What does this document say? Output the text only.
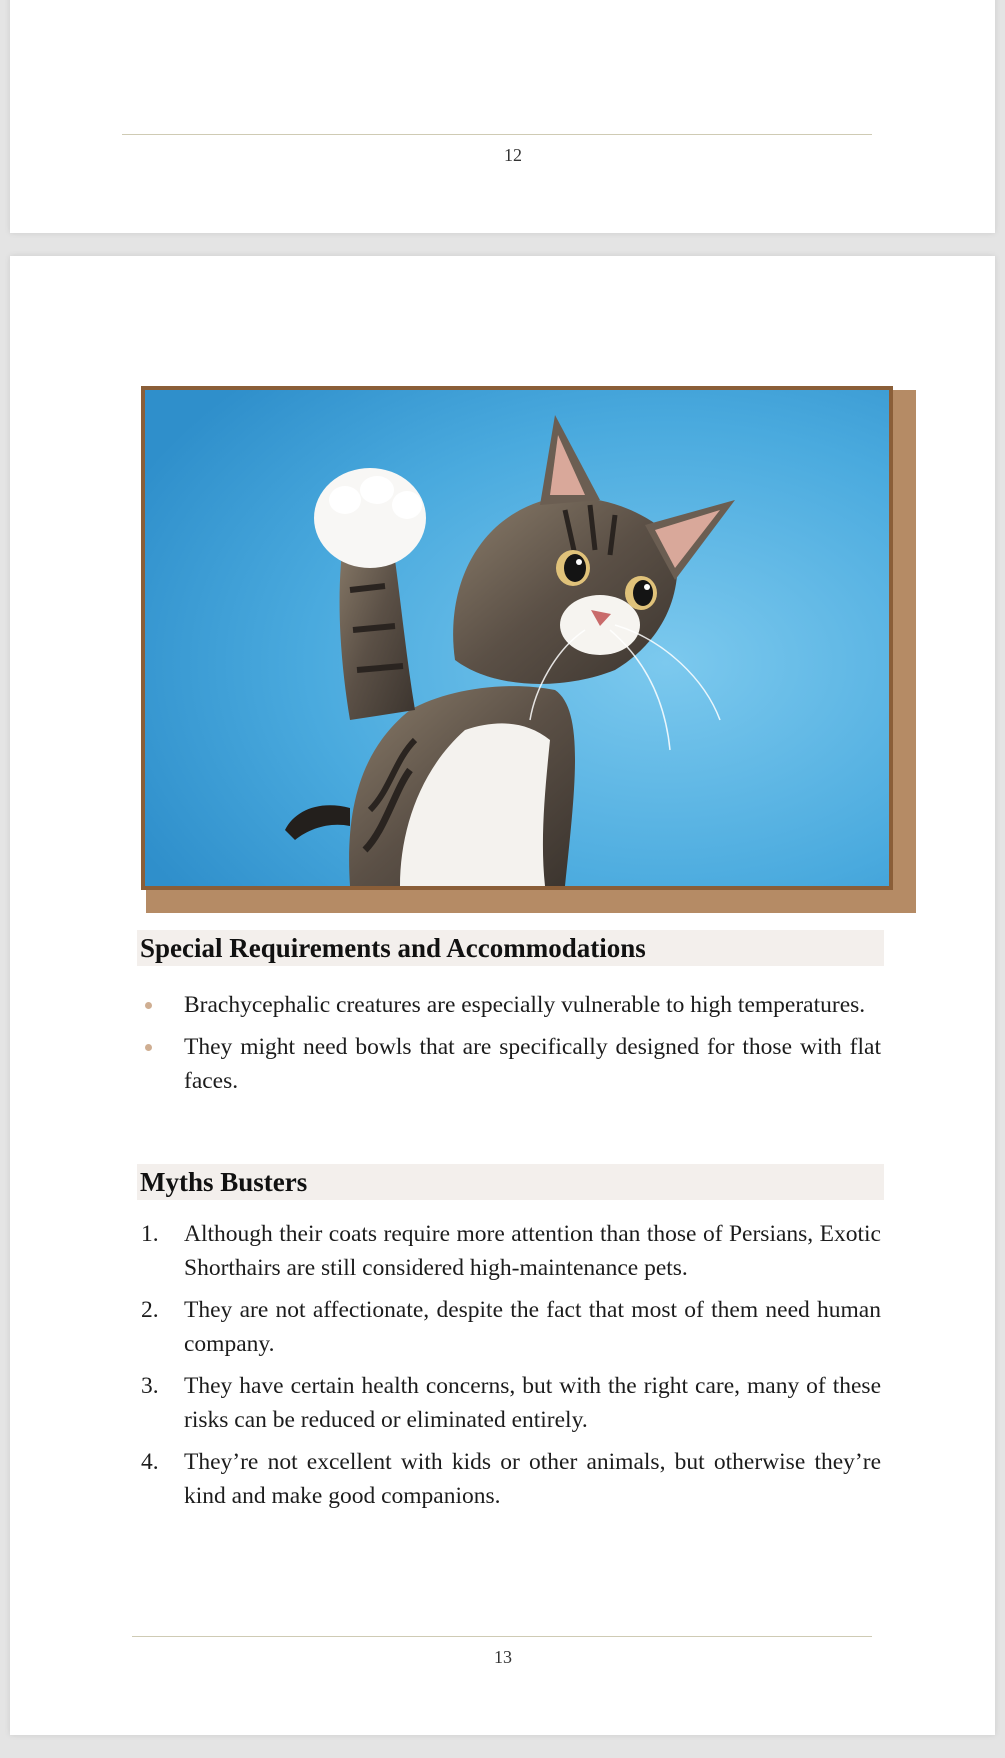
12
Special Requirements and Accommodations
Brachycephalic creatures are especially vulnerable to high temperatures.
They might need bowls that are specifically designed for those with flat faces.
Myths Busters
1. Although their coats require more attention than those of Persians, Exotic Shorthairs are still considered high-maintenance pets.
2. They are not affectionate, despite the fact that most of them need human company.
3. They have certain health concerns, but with the right care, many of these risks can be reduced or eliminated entirely.
4. They’re not excellent with kids or other animals, but otherwise they’re kind and make good companions.
13
